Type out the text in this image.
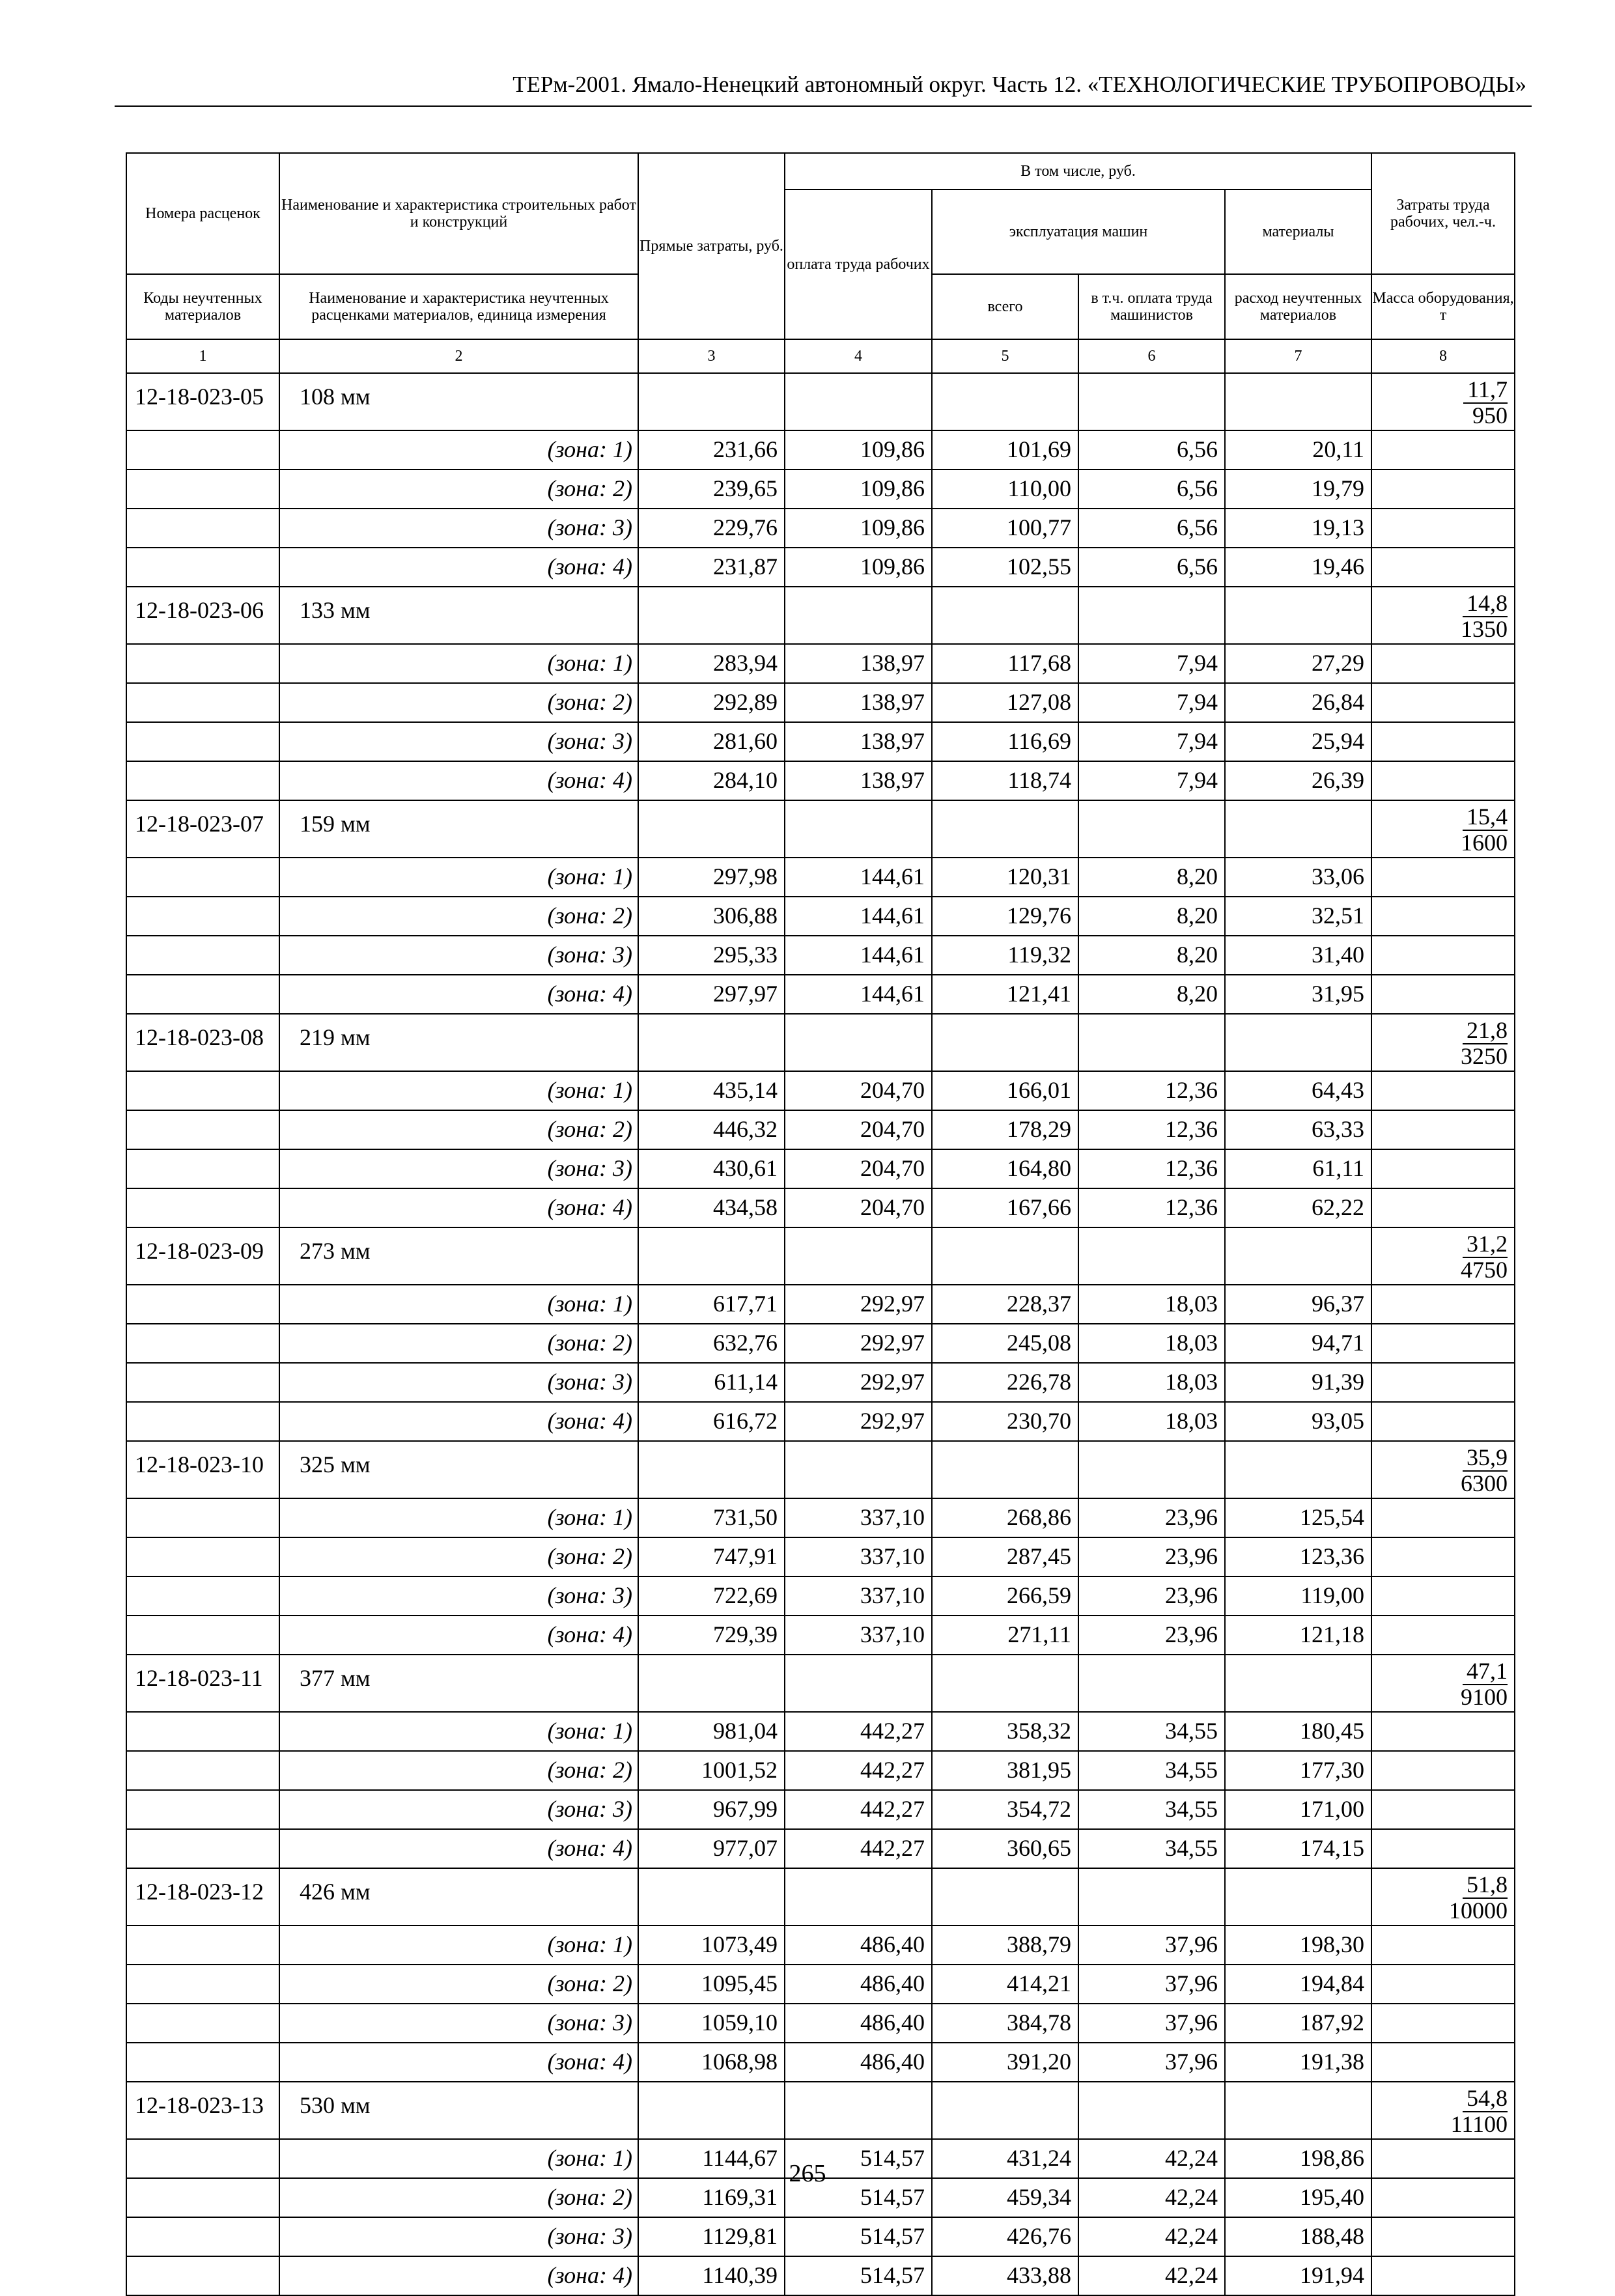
ТЕРм-2001. Ямало-Ненецкий автономный округ. Часть 12. «ТЕХНОЛОГИЧЕСКИЕ ТРУБОПРОВОДЫ»
Номера расценок	Наименование и характеристика строительных работ и конструкций	Прямые затраты, руб.	В том числе, руб.				Затраты труда рабочих, чел.-ч.
			оплата труда рабочих	эксплуатация машин		материалы	
Коды неучтенных материалов	Наименование и характеристика неучтенных расценками материалов, единица измерения			всего	в т.ч. оплата труда машинистов	расход неучтенных материалов	Масса оборудования, т
1	2	3	4	5	6	7	8
12-18-023-05	108 мм						11,7
950

	(зона: 1)	231,66	109,86	101,69	6,56	20,11	
	(зона: 2)	239,65	109,86	110,00	6,56	19,79	
	(зона: 3)	229,76	109,86	100,77	6,56	19,13	
	(зона: 4)	231,87	109,86	102,55	6,56	19,46	
12-18-023-06	133 мм						14,8
1350

	(зона: 1)	283,94	138,97	117,68	7,94	27,29	
	(зона: 2)	292,89	138,97	127,08	7,94	26,84	
	(зона: 3)	281,60	138,97	116,69	7,94	25,94	
	(зона: 4)	284,10	138,97	118,74	7,94	26,39	
12-18-023-07	159 мм						15,4
1600

	(зона: 1)	297,98	144,61	120,31	8,20	33,06	
	(зона: 2)	306,88	144,61	129,76	8,20	32,51	
	(зона: 3)	295,33	144,61	119,32	8,20	31,40	
	(зона: 4)	297,97	144,61	121,41	8,20	31,95	
12-18-023-08	219 мм						21,8
3250

	(зона: 1)	435,14	204,70	166,01	12,36	64,43	
	(зона: 2)	446,32	204,70	178,29	12,36	63,33	
	(зона: 3)	430,61	204,70	164,80	12,36	61,11	
	(зона: 4)	434,58	204,70	167,66	12,36	62,22	
12-18-023-09	273 мм						31,2
4750

	(зона: 1)	617,71	292,97	228,37	18,03	96,37	
	(зона: 2)	632,76	292,97	245,08	18,03	94,71	
	(зона: 3)	611,14	292,97	226,78	18,03	91,39	
	(зона: 4)	616,72	292,97	230,70	18,03	93,05	
12-18-023-10	325 мм						35,9
6300

	(зона: 1)	731,50	337,10	268,86	23,96	125,54	
	(зона: 2)	747,91	337,10	287,45	23,96	123,36	
	(зона: 3)	722,69	337,10	266,59	23,96	119,00	
	(зона: 4)	729,39	337,10	271,11	23,96	121,18	
12-18-023-11	377 мм						47,1
9100

	(зона: 1)	981,04	442,27	358,32	34,55	180,45	
	(зона: 2)	1001,52	442,27	381,95	34,55	177,30	
	(зона: 3)	967,99	442,27	354,72	34,55	171,00	
	(зона: 4)	977,07	442,27	360,65	34,55	174,15	
12-18-023-12	426 мм						51,8
10000

	(зона: 1)	1073,49	486,40	388,79	37,96	198,30	
	(зона: 2)	1095,45	486,40	414,21	37,96	194,84	
	(зона: 3)	1059,10	486,40	384,78	37,96	187,92	
	(зона: 4)	1068,98	486,40	391,20	37,96	191,38	
12-18-023-13	530 мм						54,8
11100

	(зона: 1)	1144,67	514,57	431,24	42,24	198,86	
	(зона: 2)	1169,31	514,57	459,34	42,24	195,40	
	(зона: 3)	1129,81	514,57	426,76	42,24	188,48	
	(зона: 4)	1140,39	514,57	433,88	42,24	191,94	
265
